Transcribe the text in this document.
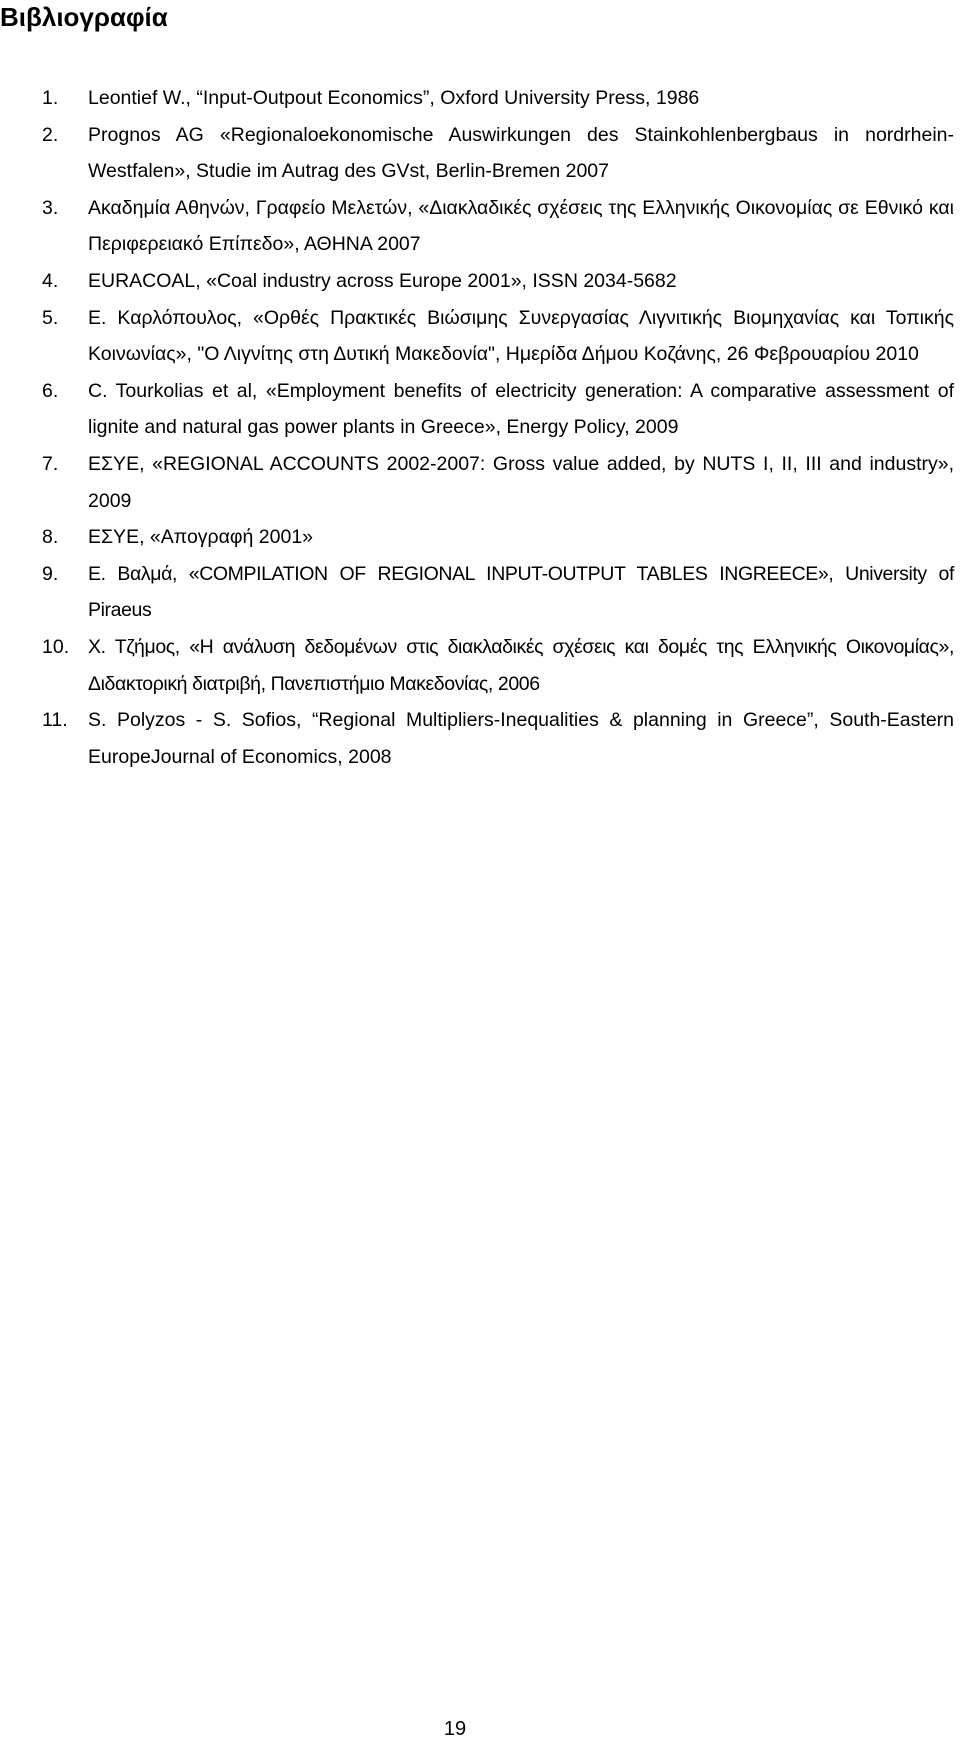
Βιβλιογραφία
1.	Leontief W., “Input-Outpout Economics”, Oxford University Press, 1986
2.	Prognos AG «Regionaloekonomische Auswirkungen des Stainkohlenbergbaus in nordrhein-Westfalen», Studie im Autrag des GVst, Berlin-Bremen 2007
3.	Ακαδημία Αθηνών, Γραφείο Μελετών, «Διακλαδικές σχέσεις της Ελληνικής Οικονομίας σε Εθνικό και Περιφερειακό Επίπεδο», ΑΘΗΝΑ 2007
4.	EURACOAL, «Coal industry across Europe 2001», ISSN 2034-5682
5.	Ε. Καρλόπουλος, «Ορθές Πρακτικές Βιώσιμης Συνεργασίας Λιγνιτικής Βιομηχανίας και Τοπικής Κοινωνίας», "Ο Λιγνίτης στη Δυτική Μακεδονία", Ημερίδα Δήμου Κοζάνης, 26 Φεβρουαρίου 2010
6.	C. Tourkolias et al, «Employment benefits of electricity generation: A comparative assessment of lignite and natural gas power plants in Greece», Energy Policy, 2009
7.	ΕΣΥΕ, «REGIONAL ACCOUNTS 2002-2007: Gross value added, by NUTS I, II, III and industry», 2009
8.	ΕΣΥΕ, «Απογραφή 2001»
9.	Ε. Βαλμά, «COMPILATION OF REGIONAL INPUT-OUTPUT TABLES INGREECE», University of Piraeus
10. Χ. Τζήμος, «Η ανάλυση δεδομένων στις διακλαδικές σχέσεις και δομές της Ελληνικής Οικονομίας», Διδακτορική διατριβή, Πανεπιστήμιο Μακεδονίας, 2006
11.	S. Polyzos - S. Sofios, “Regional Multipliers-Inequalities & planning in Greece”, South-Eastern EuropeJournal of Economics, 2008
19
